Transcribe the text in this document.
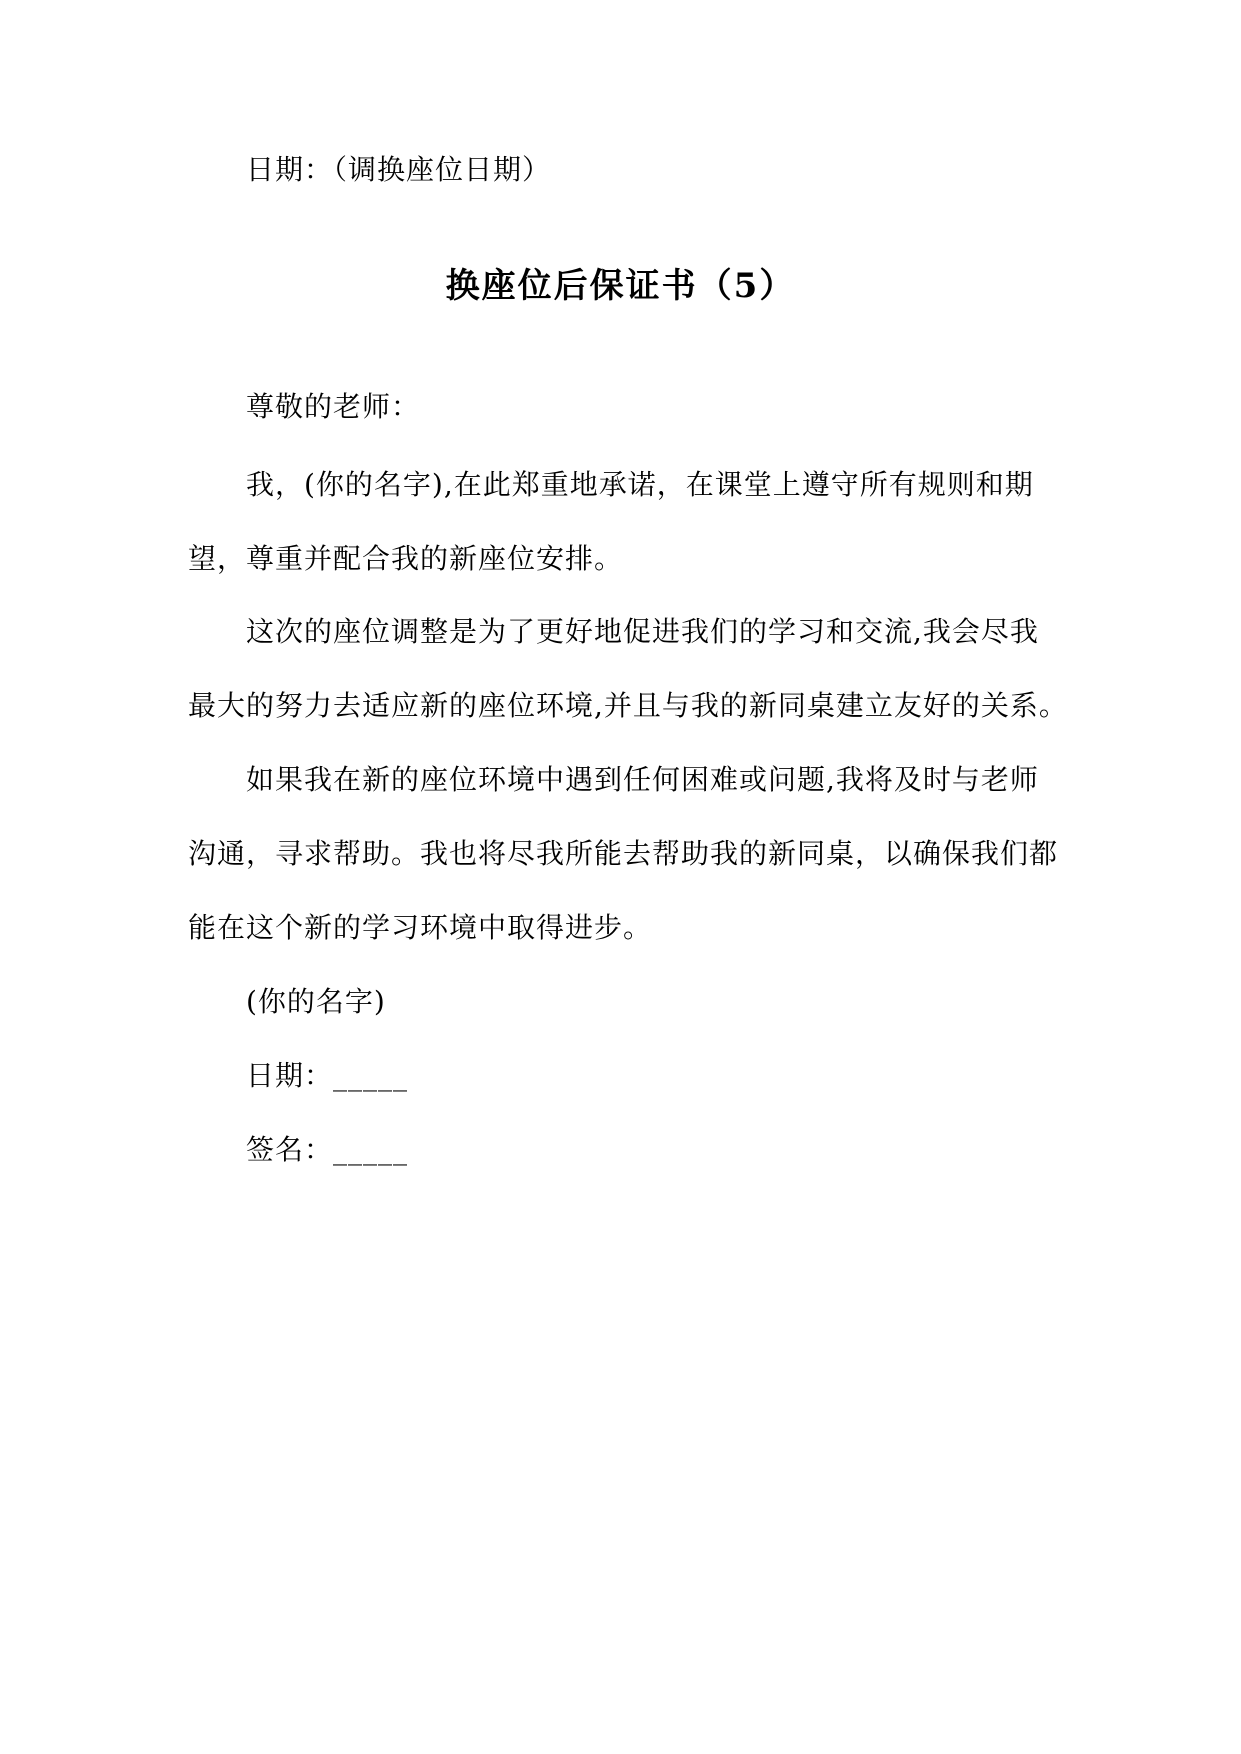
日期：（调换座位日期）
换座位后保证书（5）
尊敬的老师：
我，(你的名字),在此郑重地承诺，在课堂上遵守所有规则和期
望，尊重并配合我的新座位安排。
这次的座位调整是为了更好地促进我们的学习和交流,我会尽我
最大的努力去适应新的座位环境,并且与我的新同桌建立友好的关系。
如果我在新的座位环境中遇到任何困难或问题,我将及时与老师
沟通，寻求帮助。我也将尽我所能去帮助我的新同桌，以确保我们都
能在这个新的学习环境中取得进步。
(你的名字)
日期：_____
签名：_____
